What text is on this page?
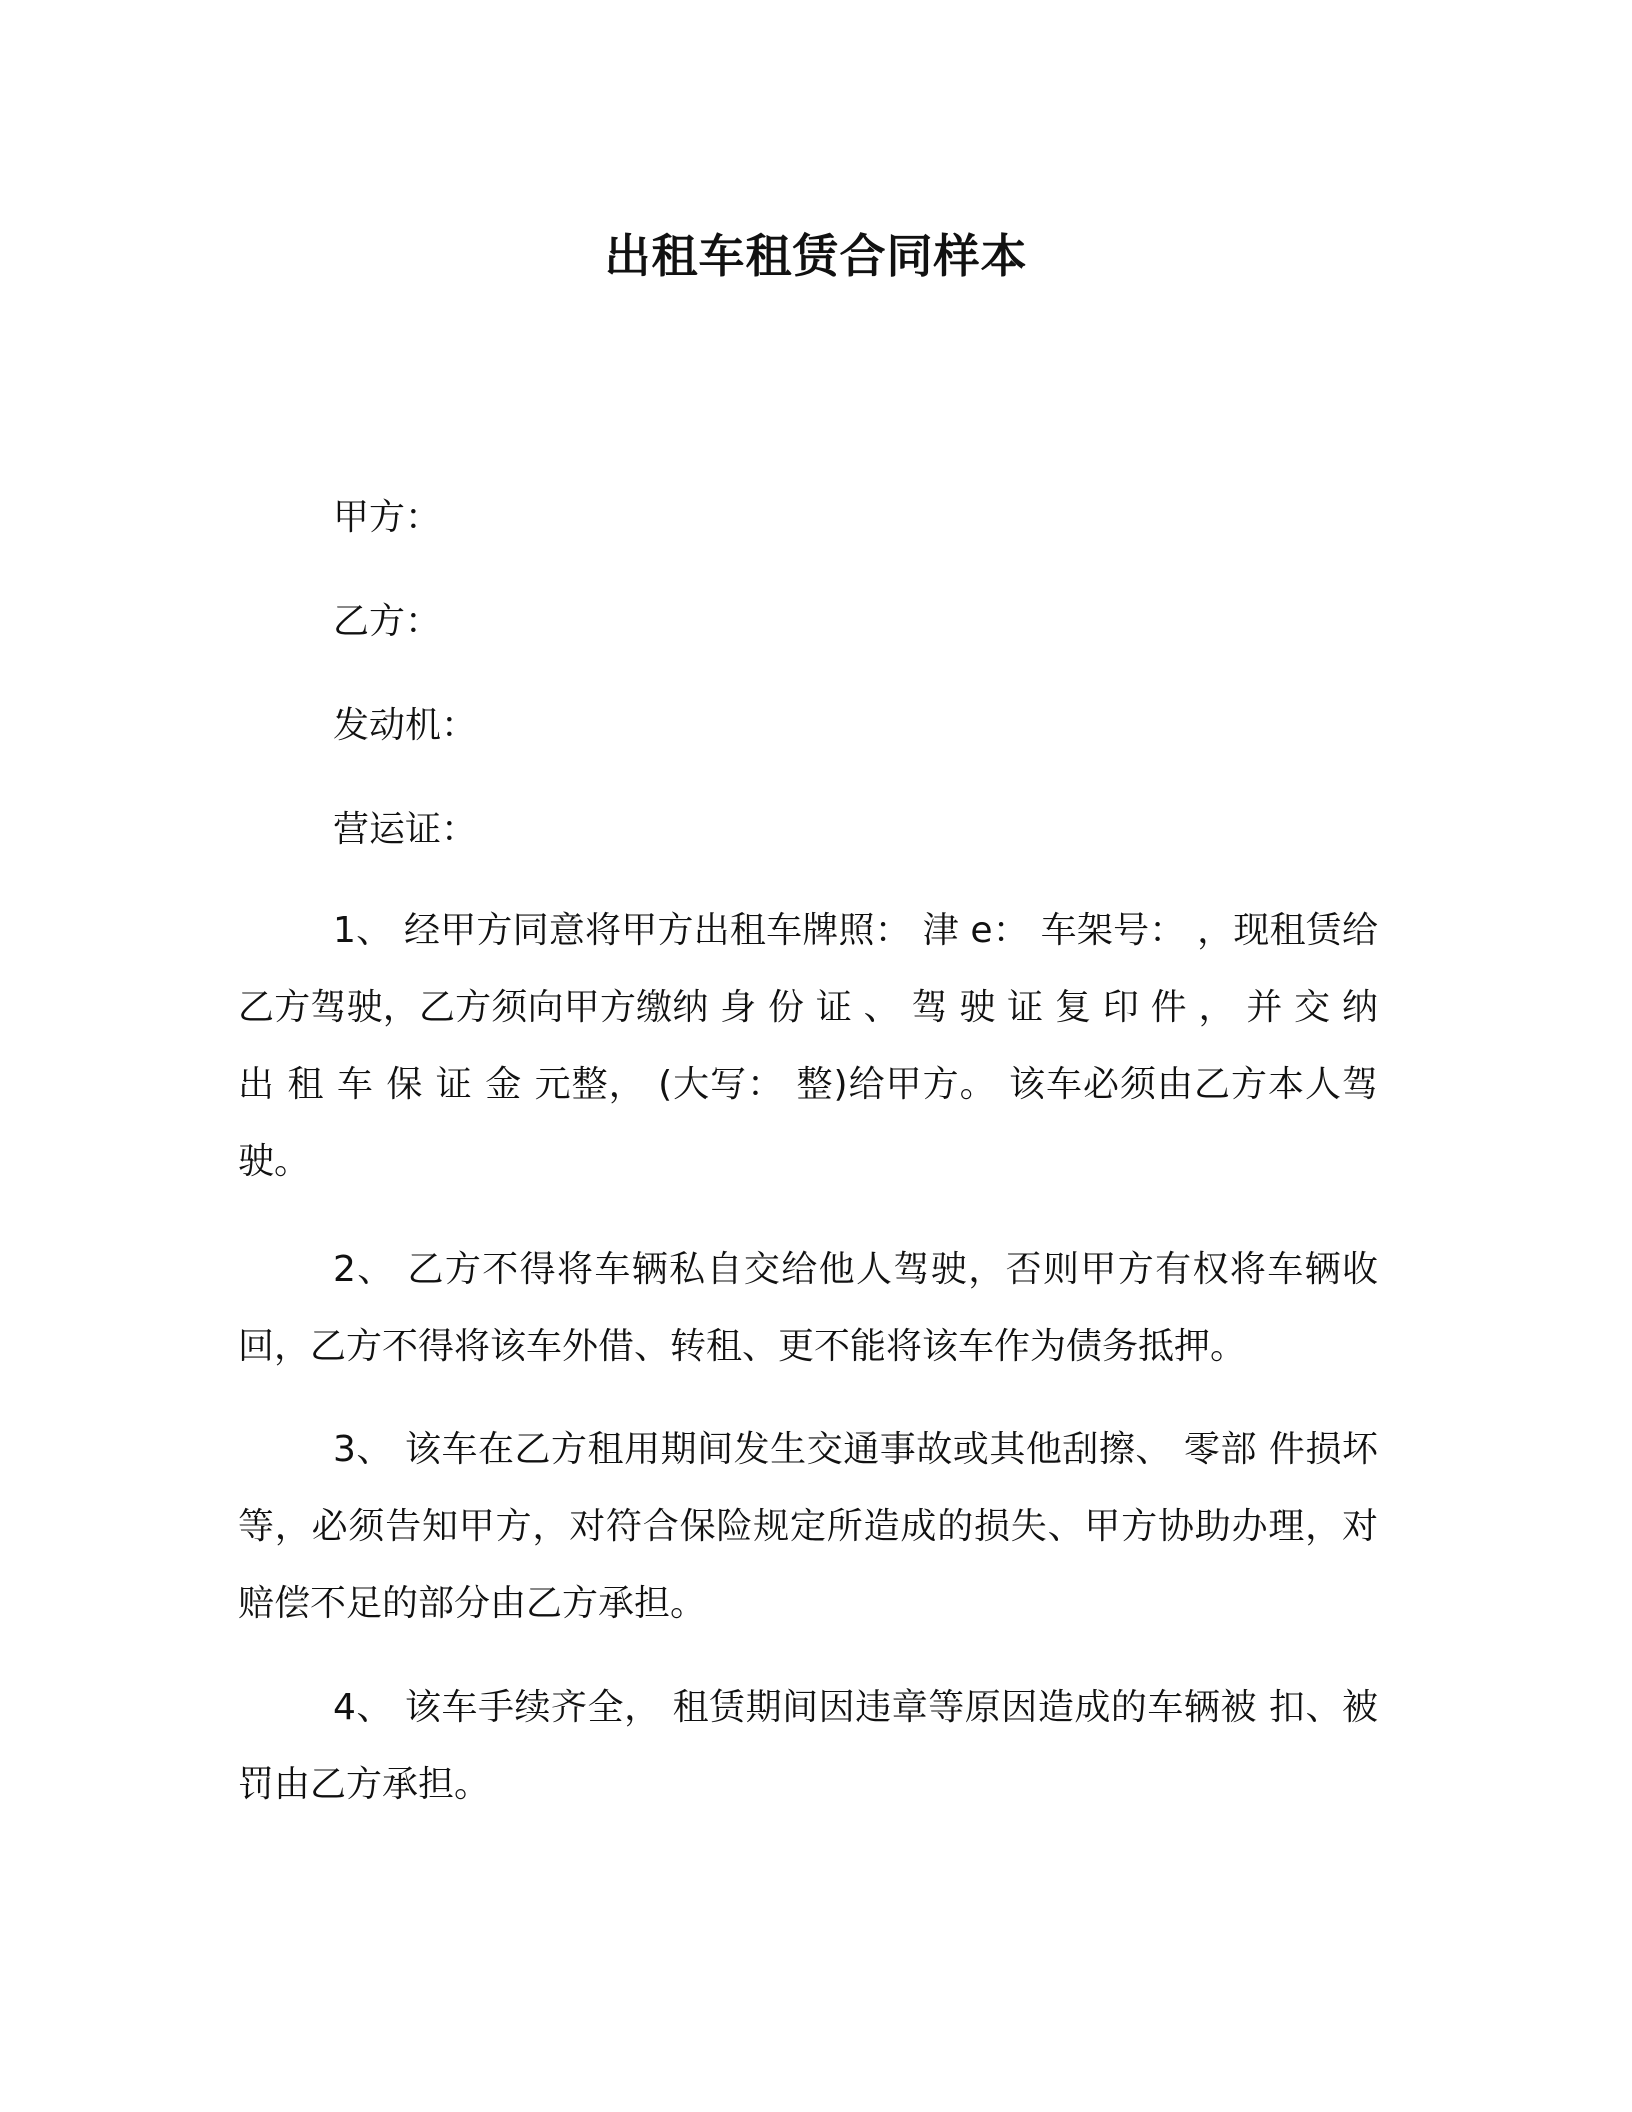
出租车租赁合同样本

甲方：

乙方：

发动机：

营运证：

1、 经甲方同意将甲方出租车牌照： 津 e： 车架号： ，现租赁给乙方驾驶，乙方须向甲方缴纳 身 份 证 、 驾 驶 证 复 印 件 ， 并 交 纳 出 租 车 保 证 金 元整， (大写： 整)给甲方。 该车必须由乙方本人驾驶。

2、 乙方不得将车辆私自交给他人驾驶，否则甲方有权将车辆收回，乙方不得将该车外借、转租、更不能将该车作为债务抵押。

3、 该车在乙方租用期间发生交通事故或其他刮擦、 零部 件损坏等，必须告知甲方，对符合保险规定所造成的损失、甲方协助办理，对赔偿不足的部分由乙方承担。

4、 该车手续齐全， 租赁期间因违章等原因造成的车辆被 扣、被罚由乙方承担。
